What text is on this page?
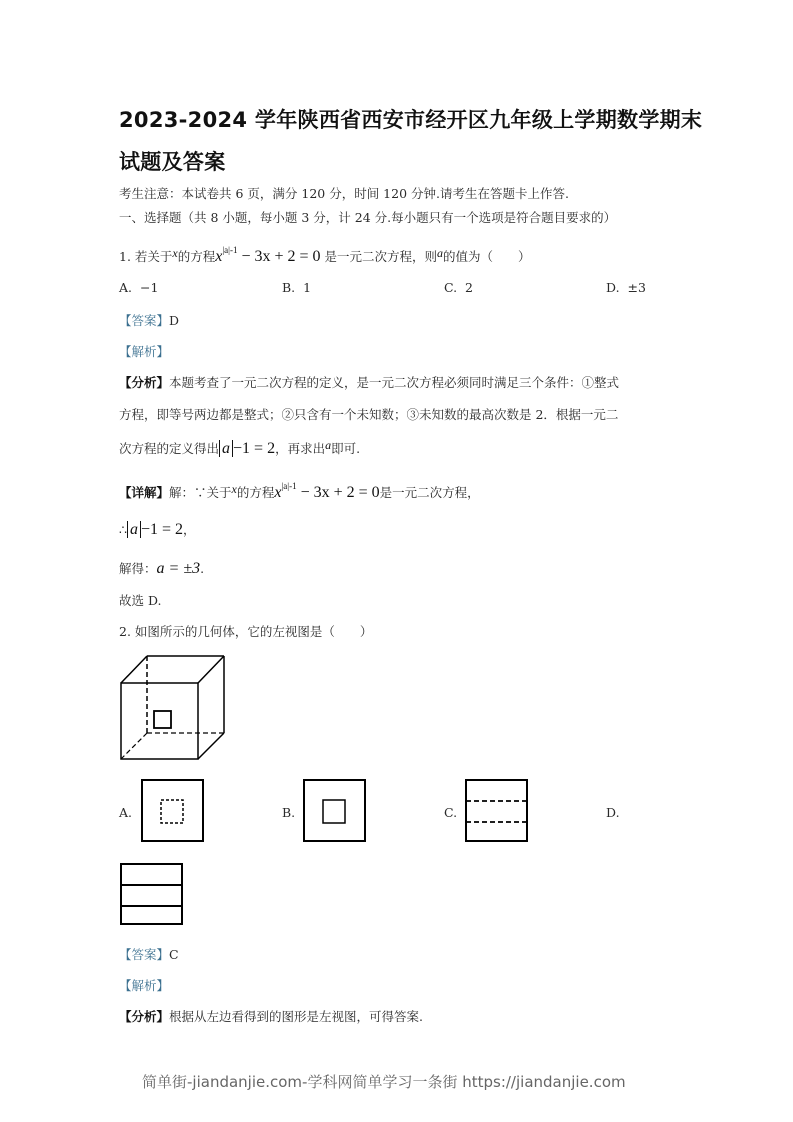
2023-2024 学年陕西省西安市经开区九年级上学期数学期末
试题及答案
考生注意：本试卷共 6 页，满分 120 分，时间 120 分钟.请考生在答题卡上作答.
一、选择题（共 8 小题，每小题 3 分，计 24 分.每小题只有一个选项是符合题目要求的）
1. 若关于x的方程$x^{|a|-1} - 3x + 2 = 0$ 是一元二次方程，则a的值为（　　）
A. −1	B. 1	C. 2	D. ±3
【答案】D
【解析】
【分析】本题考查了一元二次方程的定义，是一元二次方程必须同时满足三个条件：①整式
方程，即等号两边都是整式；②只含有一个未知数；③未知数的最高次数是 2．根据一元二
次方程的定义得出 a −1 = 2，再求出a即可.
【详解】解：∵关于x的方程$x^{|a|-1} - 3x + 2 = 0$是一元二次方程，
∴ a −1 = 2，
解得：a = ±3.
故选 D.
2. 如图所示的几何体，它的左视图是（　　）
A.	B.	C.	D.
【答案】C
【解析】
【分析】根据从左边看得到的图形是左视图，可得答案.
简单街-jiandanjie.com-学科网简单学习一条街 https://jiandanjie.com
